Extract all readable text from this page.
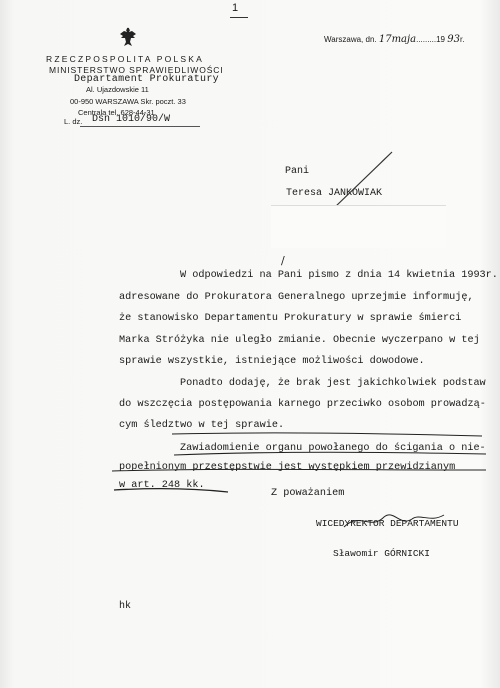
1
Warszawa, dn. 17maja.........19 93r.
RZECZPOSPOLITA POLSKA
MINISTERSTWO SPRAWIEDLIWOŚCI
Departament Prokuratury
Al. Ujazdowskie 11
00-950 WARSZAWA Skr. poczt. 33
Centrala tel. 628-44-31
L. dz. Dsn 1010/90/W
Pani
Teresa JANKOWIAK
/
W odpowiedzi na Pani pismo z dnia 14 kwietnia 1993r.
adresowane do Prokuratora Generalnego uprzejmie informuję,
że stanowisko Departamentu Prokuratury w sprawie śmierci
Marka Stróżyka nie uległo zmianie. Obecnie wyczerpano w tej
sprawie wszystkie, istniejące możliwości dowodowe.
Ponadto dodaję, że brak jest jakichkolwiek podstaw
do wszczęcia postępowania karnego przeciwko osobom prowadzą-
cym śledztwo w tej sprawie.
Zawiadomienie organu powołanego do ścigania o nie-
popełnionym przestępstwie jest występkiem przewidzianym
w art. 248 kk.
Z poważaniem
WICEDYREKTOR DEPARTAMENTU
Sławomir GÓRNICKI
hk
